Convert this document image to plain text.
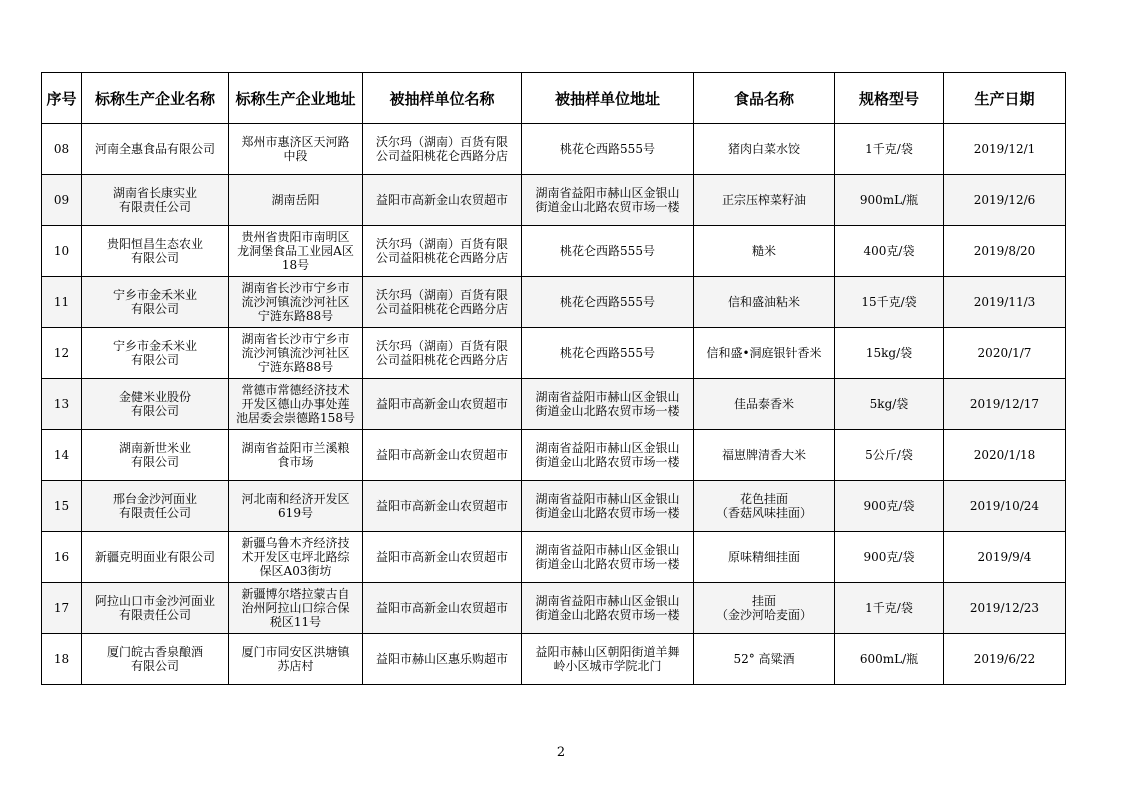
序号	标称生产企业名称	标称生产企业地址	被抽样单位名称	被抽样单位地址	食品名称	规格型号	生产日期

08	河南全惠食品有限公司	郑州市惠济区天河路
中段	沃尔玛（湖南）百货有限
公司益阳桃花仑西路分店	桃花仑西路555号	猪肉白菜水饺	1千克/袋	2019/12/1

09	湖南省长康实业
有限责任公司	湖南岳阳	益阳市高新金山农贸超市	湖南省益阳市赫山区金银山
街道金山北路农贸市场一楼	正宗压榨菜籽油	900mL/瓶	2019/12/6

10	贵阳恒昌生态农业
有限公司	贵州省贵阳市南明区
龙洞堡食品工业园A区
18号	沃尔玛（湖南）百货有限
公司益阳桃花仑西路分店	桃花仑西路555号	糙米	400克/袋	2019/8/20

11	宁乡市金禾米业
有限公司	湖南省长沙市宁乡市
流沙河镇流沙河社区
宁涟东路88号	沃尔玛（湖南）百货有限
公司益阳桃花仑西路分店	桃花仑西路555号	信和盛油粘米	15千克/袋	2019/11/3

12	宁乡市金禾米业
有限公司	湖南省长沙市宁乡市
流沙河镇流沙河社区
宁涟东路88号	沃尔玛（湖南）百货有限
公司益阳桃花仑西路分店	桃花仑西路555号	信和盛•洞庭银针香米	15kg/袋	2020/1/7

13	金健米业股份
有限公司	常德市常德经济技术
开发区德山办事处莲
池居委会崇德路158号	益阳市高新金山农贸超市	湖南省益阳市赫山区金银山
街道金山北路农贸市场一楼	佳品泰香米	5kg/袋	2019/12/17

14	湖南新世米业
有限公司	湖南省益阳市兰溪粮
食市场	益阳市高新金山农贸超市	湖南省益阳市赫山区金银山
街道金山北路农贸市场一楼	福崽牌清香大米	5公斤/袋	2020/1/18

15	邢台金沙河面业
有限责任公司	河北南和经济开发区
619号	益阳市高新金山农贸超市	湖南省益阳市赫山区金银山
街道金山北路农贸市场一楼	花色挂面
（香菇风味挂面）	900克/袋	2019/10/24

16	新疆克明面业有限公司	新疆乌鲁木齐经济技
术开发区屯坪北路综
保区A03街坊	益阳市高新金山农贸超市	湖南省益阳市赫山区金银山
街道金山北路农贸市场一楼	原味精细挂面	900克/袋	2019/9/4

17	阿拉山口市金沙河面业
有限责任公司	新疆博尔塔拉蒙古自
治州阿拉山口综合保
税区11号	益阳市高新金山农贸超市	湖南省益阳市赫山区金银山
街道金山北路农贸市场一楼	挂面
（金沙河哈麦面）	1千克/袋	2019/12/23

18	厦门皖古香泉酿酒
有限公司	厦门市同安区洪塘镇
苏店村	益阳市赫山区惠乐购超市	益阳市赫山区朝阳街道羊舞
岭小区城市学院北门	52° 高粱酒	600mL/瓶	2019/6/22
2
